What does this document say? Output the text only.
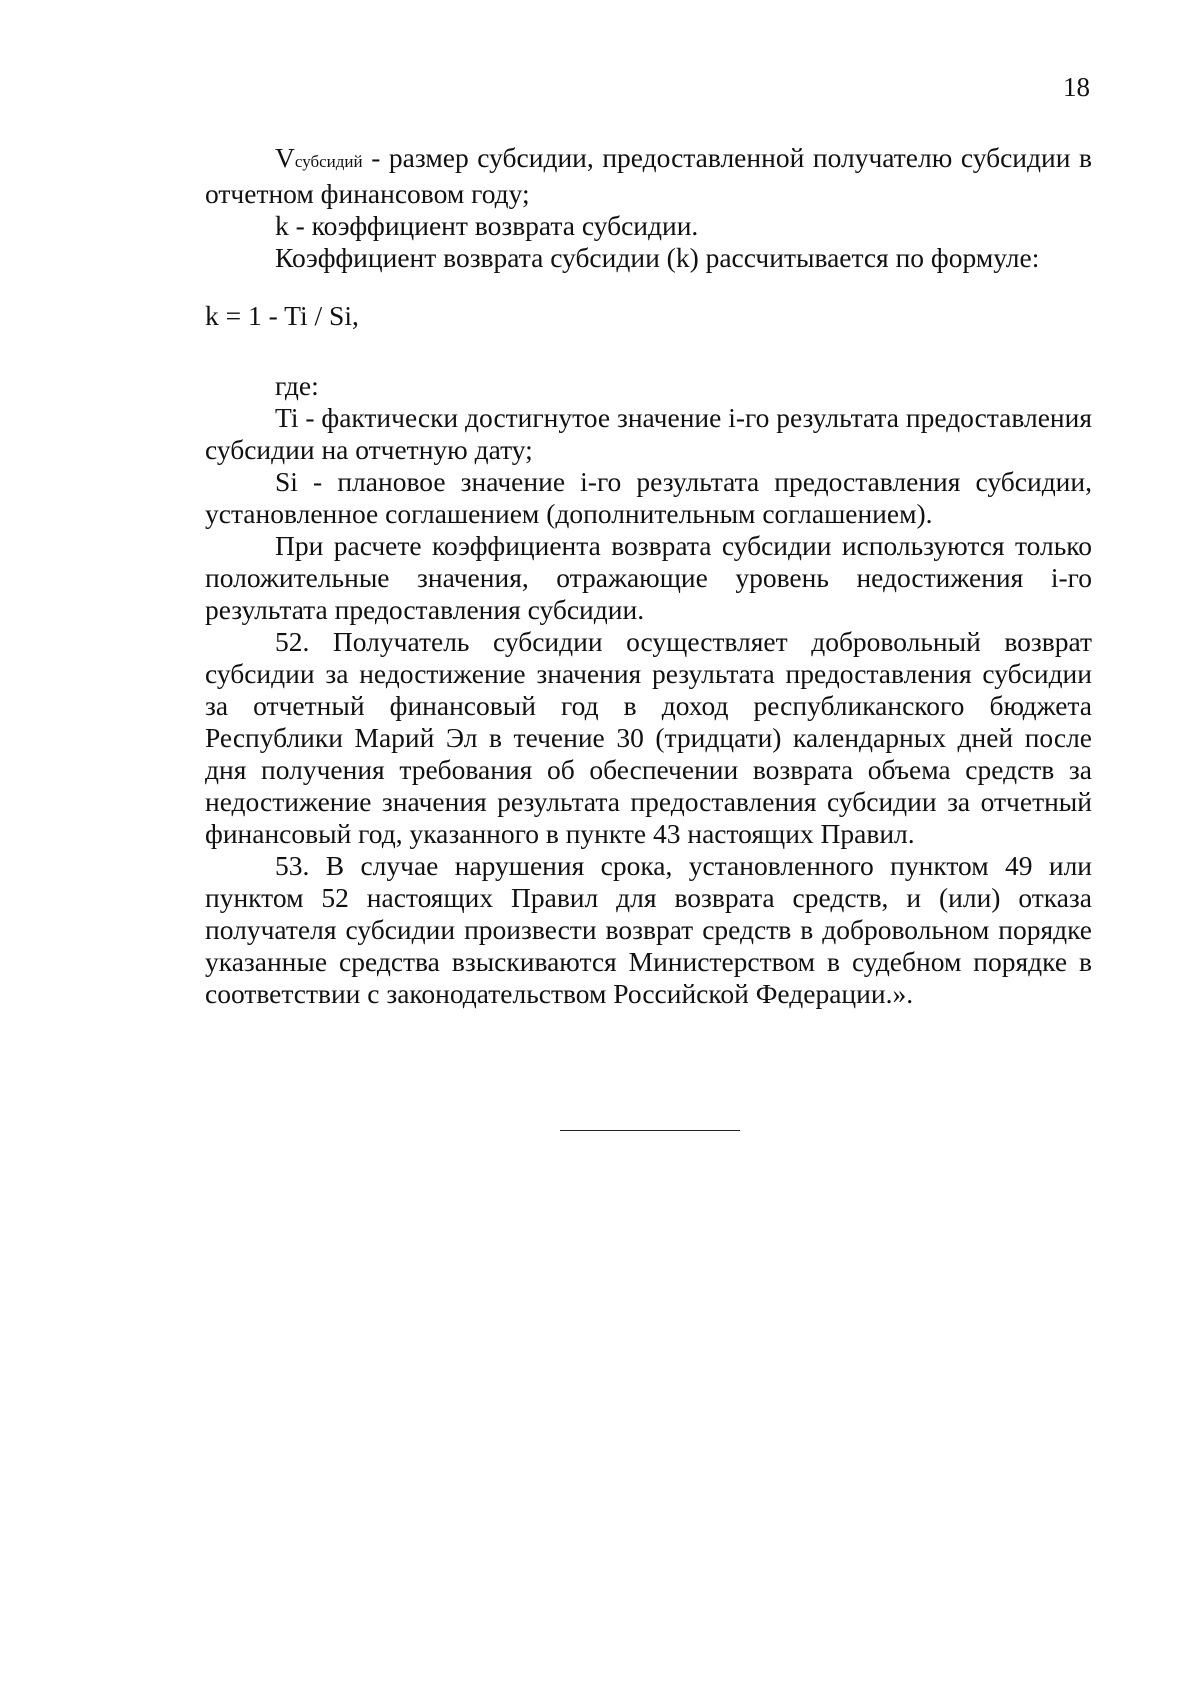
18

Vсубсидий - размер субсидии, предоставленной получателю субсидии в отчетном финансовом году;

k - коэффициент возврата субсидии.

Коэффициент возврата субсидии (k) рассчитывается по формуле:

k = 1 - Ti / Si,

где:

Ti - фактически достигнутое значение i-го результата предоставления субсидии на отчетную дату;

Si - плановое значение i-го результата предоставления субсидии, установленное соглашением (дополнительным соглашением).

При расчете коэффициента возврата субсидии используются только положительные значения, отражающие уровень недостижения i-го результата предоставления субсидии.

52. Получатель субсидии осуществляет добровольный возврат субсидии за недостижение значения результата предоставления субсидии за отчетный финансовый год в доход республиканского бюджета Республики Марий Эл в течение 30 (тридцати) календарных дней после дня получения требования об обеспечении возврата объема средств за недостижение значения результата предоставления субсидии за отчетный финансовый год, указанного в пункте 43 настоящих Правил.

53. В случае нарушения срока, установленного пунктом 49 или пунктом 52 настоящих Правил для возврата средств, и (или) отказа получателя субсидии произвести возврат средств в добровольном порядке указанные средства взыскиваются Министерством в судебном порядке в соответствии с законодательством Российской Федерации.».
